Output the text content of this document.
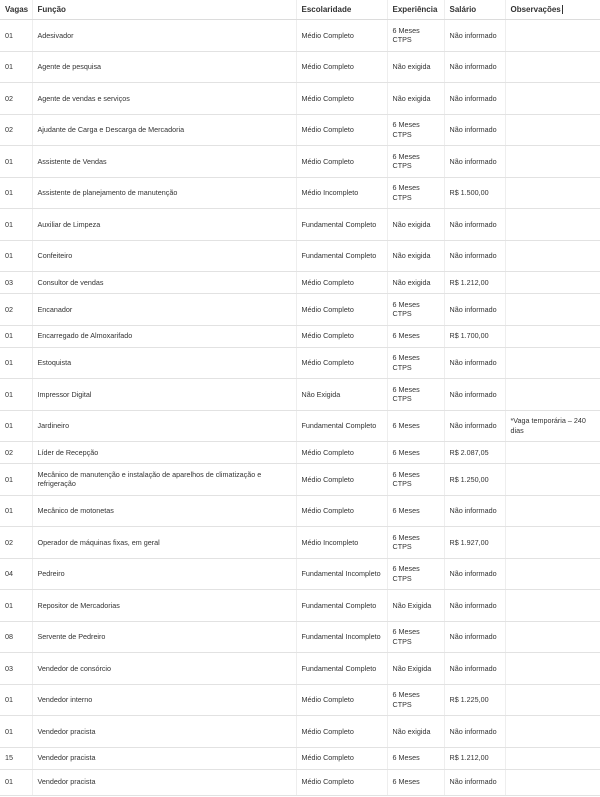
Vagas	Função	Escolaridade	Experiência	Salário	Observações
01	Adesivador	Médio Completo	6 Meses CTPS	Não informado	
01	Agente de pesquisa	Médio Completo	Não exigida	Não informado	
02	Agente de vendas e serviços	Médio Completo	Não exigida	Não informado	
02	Ajudante de Carga e Descarga de Mercadoria	Médio Completo	6 Meses CTPS	Não informado	
01	Assistente de Vendas	Médio Completo	6 Meses CTPS	Não informado	
01	Assistente de planejamento de manutenção	Médio Incompleto	6 Meses CTPS	R$ 1.500,00	
01	Auxiliar de Limpeza	Fundamental Completo	Não exigida	Não informado	
01	Confeiteiro	Fundamental Completo	Não exigida	Não informado	
03	Consultor de vendas	Médio Completo	Não exigida	R$ 1.212,00	
02	Encanador	Médio Completo	6 Meses CTPS	Não informado	
01	Encarregado de Almoxarifado	Médio Completo	6 Meses	R$ 1.700,00	
01	Estoquista	Médio Completo	6 Meses CTPS	Não informado	
01	Impressor Digital	Não Exigida	6 Meses CTPS	Não informado	
01	Jardineiro	Fundamental Completo	6 Meses	Não informado	*Vaga temporária – 240 dias
02	Líder de Recepção	Médio Completo	6 Meses	R$ 2.087,05	
01	Mecânico de manutenção e instalação de aparelhos de climatização e refrigeração	Médio Completo	6 Meses CTPS	R$ 1.250,00	
01	Mecânico de motonetas	Médio Completo	6 Meses	Não informado	
02	Operador de máquinas fixas, em geral	Médio Incompleto	6 Meses CTPS	R$ 1.927,00	
04	Pedreiro	Fundamental Incompleto	6 Meses CTPS	Não informado	
01	Repositor de Mercadorias	Fundamental Completo	Não Exigida	Não informado	
08	Servente de Pedreiro	Fundamental Incompleto	6 Meses CTPS	Não informado	
03	Vendedor de consórcio	Fundamental Completo	Não Exigida	Não informado	
01	Vendedor interno	Médio Completo	6 Meses CTPS	R$ 1.225,00	
01	Vendedor pracista	Médio Completo	Não exigida	Não informado	
15	Vendedor pracista	Médio Completo	6 Meses	R$ 1.212,00	
01	Vendedor pracista	Médio Completo	6 Meses	Não informado	
